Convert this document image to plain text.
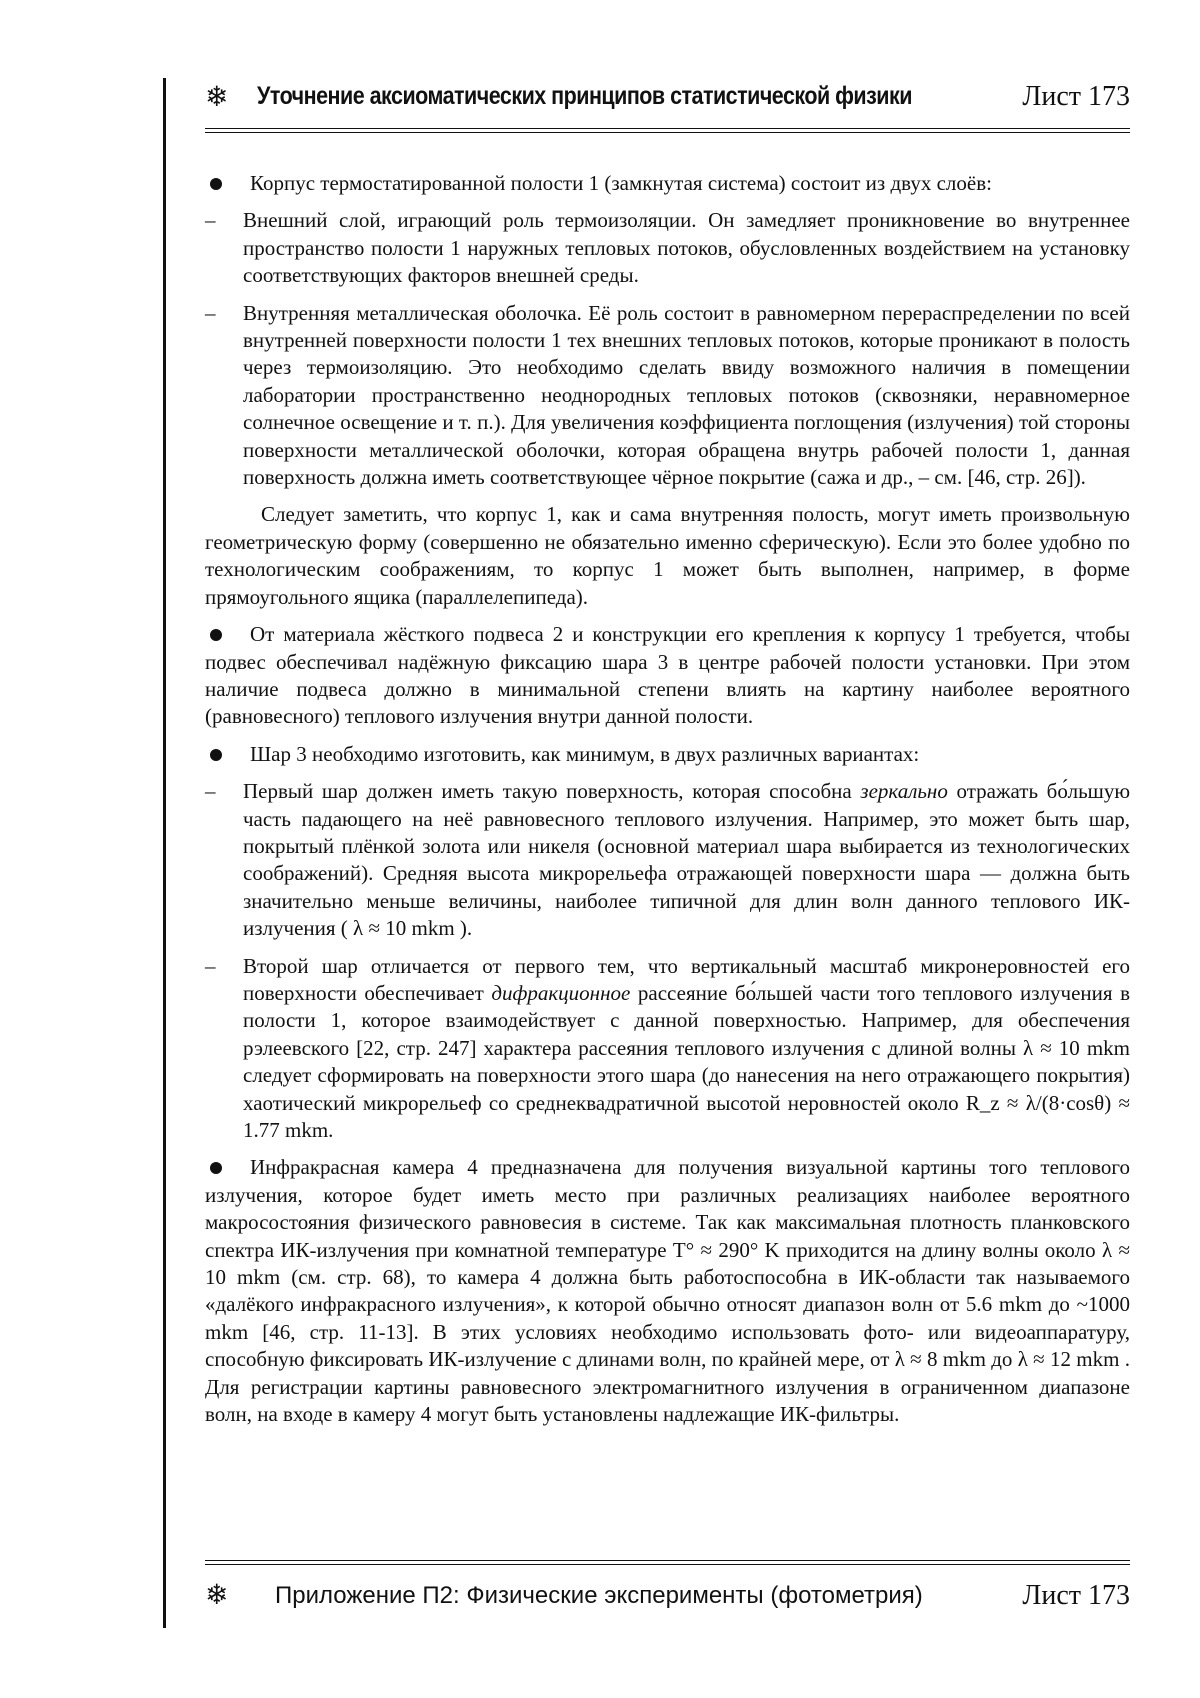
❄ Уточнение аксиоматических принципов статистической физики	Лист 173

Корпус термостатированной полости 1 (замкнутая система) состоит из двух слоёв:

– Внешний слой, играющий роль термоизоляции. Он замедляет проникновение во внутреннее пространство полости 1 наружных тепловых потоков, обусловленных воздействием на установку соответствующих факторов внешней среды.

– Внутренняя металлическая оболочка. Её роль состоит в равномерном перераспределении по всей внутренней поверхности полости 1 тех внешних тепловых потоков, которые проникают в полость через термоизоляцию. Это необходимо сделать ввиду возможного наличия в помещении лаборатории пространственно неоднородных тепловых потоков (сквозняки, неравномерное солнечное освещение и т. п.). Для увеличения коэффициента поглощения (излучения) той стороны поверхности металлической оболочки, которая обращена внутрь рабочей полости 1, данная поверхность должна иметь соответствующее чёрное покрытие (сажа и др., – см. [46, стр. 26]).

Следует заметить, что корпус 1, как и сама внутренняя полость, могут иметь произвольную геометрическую форму (совершенно не обязательно именно сферическую). Если это более удобно по технологическим соображениям, то корпус 1 может быть выполнен, например, в форме прямоугольного ящика (параллелепипеда).

От материала жёсткого подвеса 2 и конструкции его крепления к корпусу 1 требуется, чтобы подвес обеспечивал надёжную фиксацию шара 3 в центре рабочей полости установки. При этом наличие подвеса должно в минимальной степени влиять на картину наиболее вероятного (равновесного) теплового излучения внутри данной полости.

Шар 3 необходимо изготовить, как минимум, в двух различных вариантах:

– Первый шар должен иметь такую поверхность, которая способна зеркально отражать бо́льшую часть падающего на неё равновесного теплового излучения. Например, это может быть шар, покрытый плёнкой золота или никеля (основной материал шара выбирается из технологических соображений). Средняя высота микрорельефа отражающей поверхности шара — должна быть значительно меньше величины, наиболее типичной для длин волн данного теплового ИК-излучения ( λ ≈ 10 mkm ).

– Второй шар отличается от первого тем, что вертикальный масштаб микронеровностей его поверхности обеспечивает дифракционное рассеяние бо́льшей части того теплового излучения в полости 1, которое взаимодействует с данной поверхностью. Например, для обеспечения рэлеевского [22, стр. 247] характера рассеяния теплового излучения с длиной волны λ ≈ 10 mkm следует сформировать на поверхности этого шара (до нанесения на него отражающего покрытия) хаотический микрорельеф со среднеквадратичной высотой неровностей около R_z ≈ λ/(8·cosθ) ≈ 1.77 mkm.

Инфракрасная камера 4 предназначена для получения визуальной картины того теплового излучения, которое будет иметь место при различных реализациях наиболее вероятного макросостояния физического равновесия в системе. Так как максимальная плотность планковского спектра ИК-излучения при комнатной температуре T° ≈ 290° K приходится на длину волны около λ ≈ 10 mkm (см. стр. 68), то камера 4 должна быть работоспособна в ИК-области так называемого «далёкого инфракрасного излучения», к которой обычно относят диапазон волн от 5.6 mkm до ~1000 mkm [46, стр. 11-13]. В этих условиях необходимо использовать фото- или видеоаппаратуру, способную фиксировать ИК-излучение с длинами волн, по крайней мере, от λ ≈ 8 mkm до λ ≈ 12 mkm . Для регистрации картины равновесного электромагнитного излучения в ограниченном диапазоне волн, на входе в камеру 4 могут быть установлены надлежащие ИК-фильтры.

❄ Приложение П2: Физические эксперименты (фотометрия)	Лист 173
